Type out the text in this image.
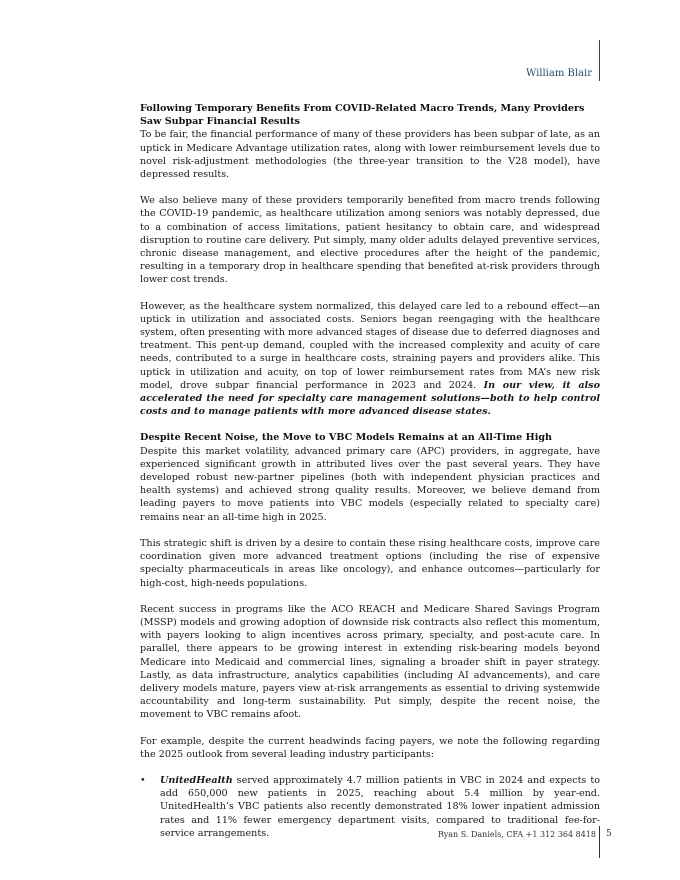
William Blair
Following Temporary Benefits From COVID-Related Macro Trends, Many Providers Saw Subpar Financial Results

To be fair, the financial performance of many of these providers has been subpar of late, as an uptick in Medicare Advantage utilization rates, along with lower reimbursement levels due to novel risk-adjustment methodologies (the three-year transition to the V28 model), have depressed results.

We also believe many of these providers temporarily benefited from macro trends following the COVID-19 pandemic, as healthcare utilization among seniors was notably depressed, due to a combination of access limitations, patient hesitancy to obtain care, and widespread disruption to routine care delivery. Put simply, many older adults delayed preventive services, chronic disease management, and elective procedures after the height of the pandemic, resulting in a temporary drop in healthcare spending that benefited at-risk providers through lower cost trends.

However, as the healthcare system normalized, this delayed care led to a rebound effect—an uptick in utilization and associated costs. Seniors began reengaging with the healthcare system, often presenting with more advanced stages of disease due to deferred diagnoses and treatment. This pent-up demand, coupled with the increased complexity and acuity of care needs, contributed to a surge in healthcare costs, straining payers and providers alike. This uptick in utilization and acuity, on top of lower reimbursement rates from MA’s new risk model, drove subpar financial performance in 2023 and 2024. In our view, it also accelerated the need for specialty care management solutions—both to help control costs and to manage patients with more advanced disease states.

Despite Recent Noise, the Move to VBC Models Remains at an All-Time High

Despite this market volatility, advanced primary care (APC) providers, in aggregate, have experienced significant growth in attributed lives over the past several years. They have developed robust new-partner pipelines (both with independent physician practices and health systems) and achieved strong quality results. Moreover, we believe demand from leading payers to move patients into VBC models (especially related to specialty care) remains near an all-time high in 2025.

This strategic shift is driven by a desire to contain these rising healthcare costs, improve care coordination given more advanced treatment options (including the rise of expensive specialty pharmaceuticals in areas like oncology), and enhance outcomes—particularly for high-cost, high-needs populations.

Recent success in programs like the ACO REACH and Medicare Shared Savings Program (MSSP) models and growing adoption of downside risk contracts also reflect this momentum, with payers looking to align incentives across primary, specialty, and post-acute care. In parallel, there appears to be growing interest in extending risk-bearing models beyond Medicare into Medicaid and commercial lines, signaling a broader shift in payer strategy. Lastly, as data infrastructure, analytics capabilities (including AI advancements), and care delivery models mature, payers view at-risk arrangements as essential to driving systemwide accountability and long-term sustainability. Put simply, despite the recent noise, the movement to VBC remains afoot.

For example, despite the current headwinds facing payers, we note the following regarding the 2025 outlook from several leading industry participants:

• UnitedHealth served approximately 4.7 million patients in VBC in 2024 and expects to add 650,000 new patients in 2025, reaching about 5.4 million by year-end. UnitedHealth’s VBC patients also recently demonstrated 18% lower inpatient admission rates and 11% fewer emergency department visits, compared to traditional fee-for-service arrangements.	Ryan S. Daniels, CFA +1 312 364 8418 5
